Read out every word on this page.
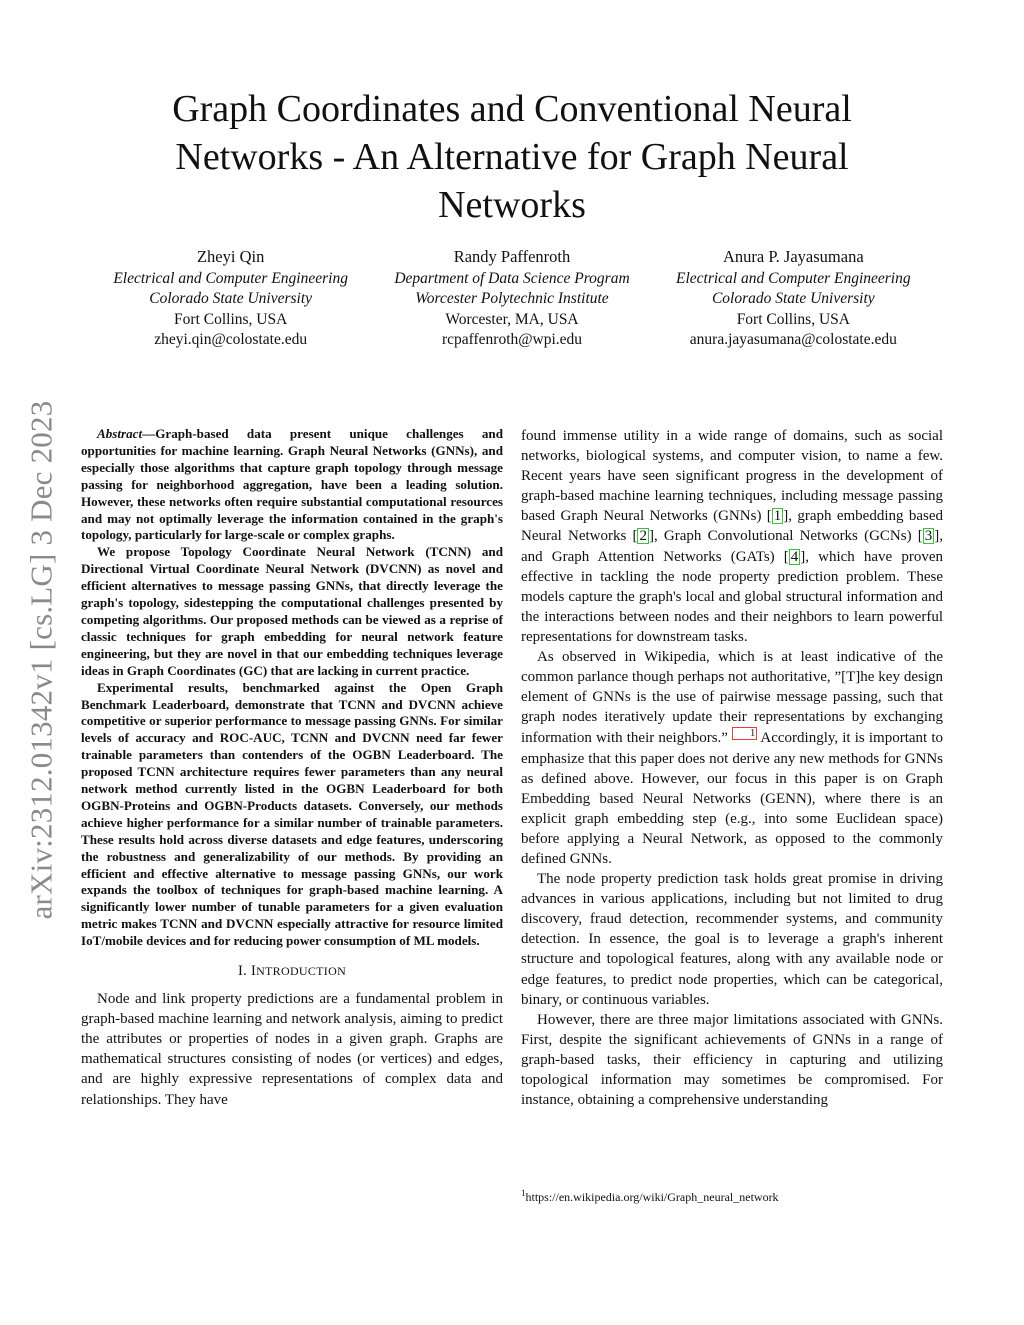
arXiv:2312.01342v1 [cs.LG] 3 Dec 2023
Graph Coordinates and Conventional Neural Networks - An Alternative for Graph Neural Networks
Zheyi Qin
Electrical and Computer Engineering
Colorado State University
Fort Collins, USA
zheyi.qin@colostate.edu
Randy Paffenroth
Department of Data Science Program
Worcester Polytechnic Institute
Worcester, MA, USA
rcpaffenroth@wpi.edu
Anura P. Jayasumana
Electrical and Computer Engineering
Colorado State University
Fort Collins, USA
anura.jayasumana@colostate.edu

Abstract—Graph-based data present unique challenges and opportunities for machine learning. Graph Neural Networks (GNNs), and especially those algorithms that capture graph topology through message passing for neighborhood aggregation, have been a leading solution. However, these networks often require substantial computational resources and may not optimally leverage the information contained in the graph's topology, particularly for large-scale or complex graphs.

We propose Topology Coordinate Neural Network (TCNN) and Directional Virtual Coordinate Neural Network (DVCNN) as novel and efficient alternatives to message passing GNNs, that directly leverage the graph's topology, sidestepping the computational challenges presented by competing algorithms. Our proposed methods can be viewed as a reprise of classic techniques for graph embedding for neural network feature engineering, but they are novel in that our embedding techniques leverage ideas in Graph Coordinates (GC) that are lacking in current practice.

Experimental results, benchmarked against the Open Graph Benchmark Leaderboard, demonstrate that TCNN and DVCNN achieve competitive or superior performance to message passing GNNs. For similar levels of accuracy and ROC-AUC, TCNN and DVCNN need far fewer trainable parameters than contenders of the OGBN Leaderboard. The proposed TCNN architecture requires fewer parameters than any neural network method currently listed in the OGBN Leaderboard for both OGBN-Proteins and OGBN-Products datasets. Conversely, our methods achieve higher performance for a similar number of trainable parameters. These results hold across diverse datasets and edge features, underscoring the robustness and generalizability of our methods. By providing an efficient and effective alternative to message passing GNNs, our work expands the toolbox of techniques for graph-based machine learning. A significantly lower number of tunable parameters for a given evaluation metric makes TCNN and DVCNN especially attractive for resource limited IoT/mobile devices and for reducing power consumption of ML models.

I. INTRODUCTION

Node and link property predictions are a fundamental problem in graph-based machine learning and network analysis, aiming to predict the attributes or properties of nodes in a given graph. Graphs are mathematical structures consisting of nodes (or vertices) and edges, and are highly expressive representations of complex data and relationships. They have

found immense utility in a wide range of domains, such as social networks, biological systems, and computer vision, to name a few. Recent years have seen significant progress in the development of graph-based machine learning techniques, including message passing based Graph Neural Networks (GNNs) [ 1 ], graph embedding based Neural Networks [ 2 ], Graph Convolutional Networks (GCNs) [ 3 ], and Graph Attention Networks (GATs) [ 4 ], which have proven effective in tackling the node property prediction problem. These models capture the graph's local and global structural information and the interactions between nodes and their neighbors to learn powerful representations for downstream tasks.

As observed in Wikipedia, which is at least indicative of the common parlance though perhaps not authoritative, ”[T]he key design element of GNNs is the use of pairwise message passing, such that graph nodes iteratively update their representations by exchanging information with their neighbors.” 1 Accordingly, it is important to emphasize that this paper does not derive any new methods for GNNs as defined above. However, our focus in this paper is on Graph Embedding based Neural Networks (GENN), where there is an explicit graph embedding step (e.g., into some Euclidean space) before applying a Neural Network, as opposed to the commonly defined GNNs.

The node property prediction task holds great promise in driving advances in various applications, including but not limited to drug discovery, fraud detection, recommender systems, and community detection. In essence, the goal is to leverage a graph's inherent structure and topological features, along with any available node or edge features, to predict node properties, which can be categorical, binary, or continuous variables.

However, there are three major limitations associated with GNNs. First, despite the significant achievements of GNNs in a range of graph-based tasks, their efficiency in capturing and utilizing topological information may sometimes be compromised. For instance, obtaining a comprehensive understanding

$^1$https://en.wikipedia.org/wiki/Graph_neural_network
